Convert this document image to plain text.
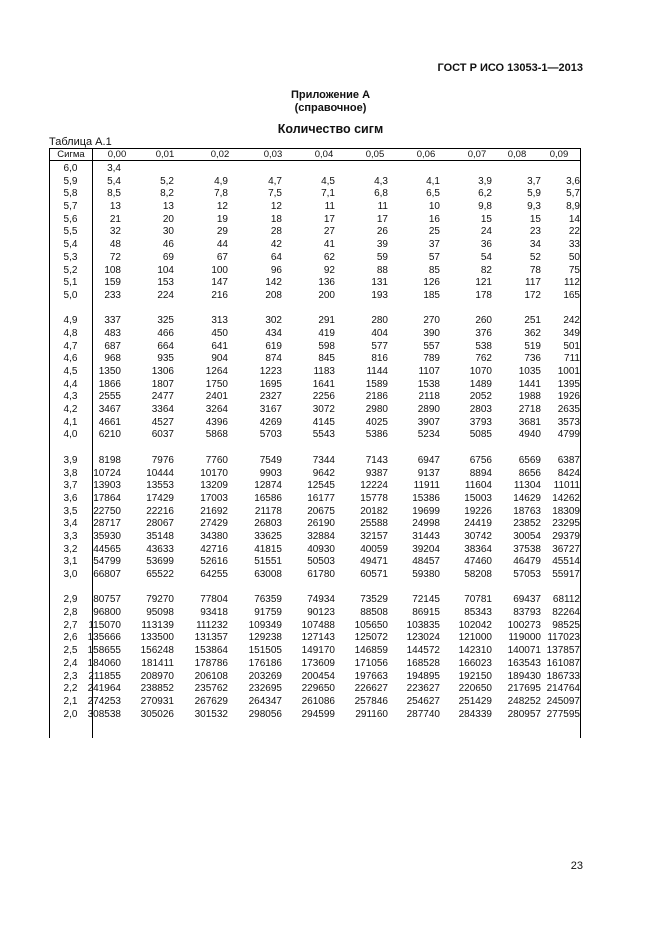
ГОСТ Р ИСО 13053-1—2013
Приложение А
(справочное)
Количество сигм
Таблица А.1
Сигма	0,00	0,01	0,02	0,03	0,04	0,05	0,06	0,07	0,08	0,09
6,0	3,4
5,9	5,4	5,2	4,9	4,7	4,5	4,3	4,1	3,9	3,7	3,6
5,8	8,5	8,2	7,8	7,5	7,1	6,8	6,5	6,2	5,9	5,7
5,7	13	13	12	12	11	11	10	9,8	9,3	8,9
5,6	21	20	19	18	17	17	16	15	15	14
5,5	32	30	29	28	27	26	25	24	23	22
5,4	48	46	44	42	41	39	37	36	34	33
5,3	72	69	67	64	62	59	57	54	52	50
5,2	108	104	100	96	92	88	85	82	78	75
5,1	159	153	147	142	136	131	126	121	117	112
5,0	233	224	216	208	200	193	185	178	172	165
4,9	337	325	313	302	291	280	270	260	251	242
4,8	483	466	450	434	419	404	390	376	362	349
4,7	687	664	641	619	598	577	557	538	519	501
4,6	968	935	904	874	845	816	789	762	736	711
4,5	1350	1306	1264	1223	1183	1144	1107	1070	1035	1001
4,4	1866	1807	1750	1695	1641	1589	1538	1489	1441	1395
4,3	2555	2477	2401	2327	2256	2186	2118	2052	1988	1926
4,2	3467	3364	3264	3167	3072	2980	2890	2803	2718	2635
4,1	4661	4527	4396	4269	4145	4025	3907	3793	3681	3573
4,0	6210	6037	5868	5703	5543	5386	5234	5085	4940	4799
3,9	8198	7976	7760	7549	7344	7143	6947	6756	6569	6387
3,8	10724	10444	10170	9903	9642	9387	9137	8894	8656	8424
3,7	13903	13553	13209	12874	12545	12224	11911	11604	11304	11011
3,6	17864	17429	17003	16586	16177	15778	15386	15003	14629	14262
3,5	22750	22216	21692	21178	20675	20182	19699	19226	18763	18309
3,4	28717	28067	27429	26803	26190	25588	24998	24419	23852	23295
3,3	35930	35148	34380	33625	32884	32157	31443	30742	30054	29379
3,2	44565	43633	42716	41815	40930	40059	39204	38364	37538	36727
3,1	54799	53699	52616	51551	50503	49471	48457	47460	46479	45514
3,0	66807	65522	64255	63008	61780	60571	59380	58208	57053	55917
2,9	80757	79270	77804	76359	74934	73529	72145	70781	69437	68112
2,8	96800	95098	93418	91759	90123	88508	86915	85343	83793	82264
2,7	115070	113139	111232	109349	107488	105650	103835	102042	100273	98525
2,6	135666	133500	131357	129238	127143	125072	123024	121000	119000 117023
2,5	158655	156248	153864	151505	149170	146859	144572	142310	140071 137857
2,4	184060	181411	178786	176186	173609	171056	168528	166023	163543 161087
2,3	211855	208970	206108	203269	200454	197663	194895	192150	189430 186733
2,2	241964	238852	235762	232695	229650	226627	223627	220650	217695 214764
2,1	274253	270931	267629	264347	261086	257846	254627	251429	248252 245097
2,0	308538	305026	301532	298056	294599	291160	287740	284339	280957 277595
23
